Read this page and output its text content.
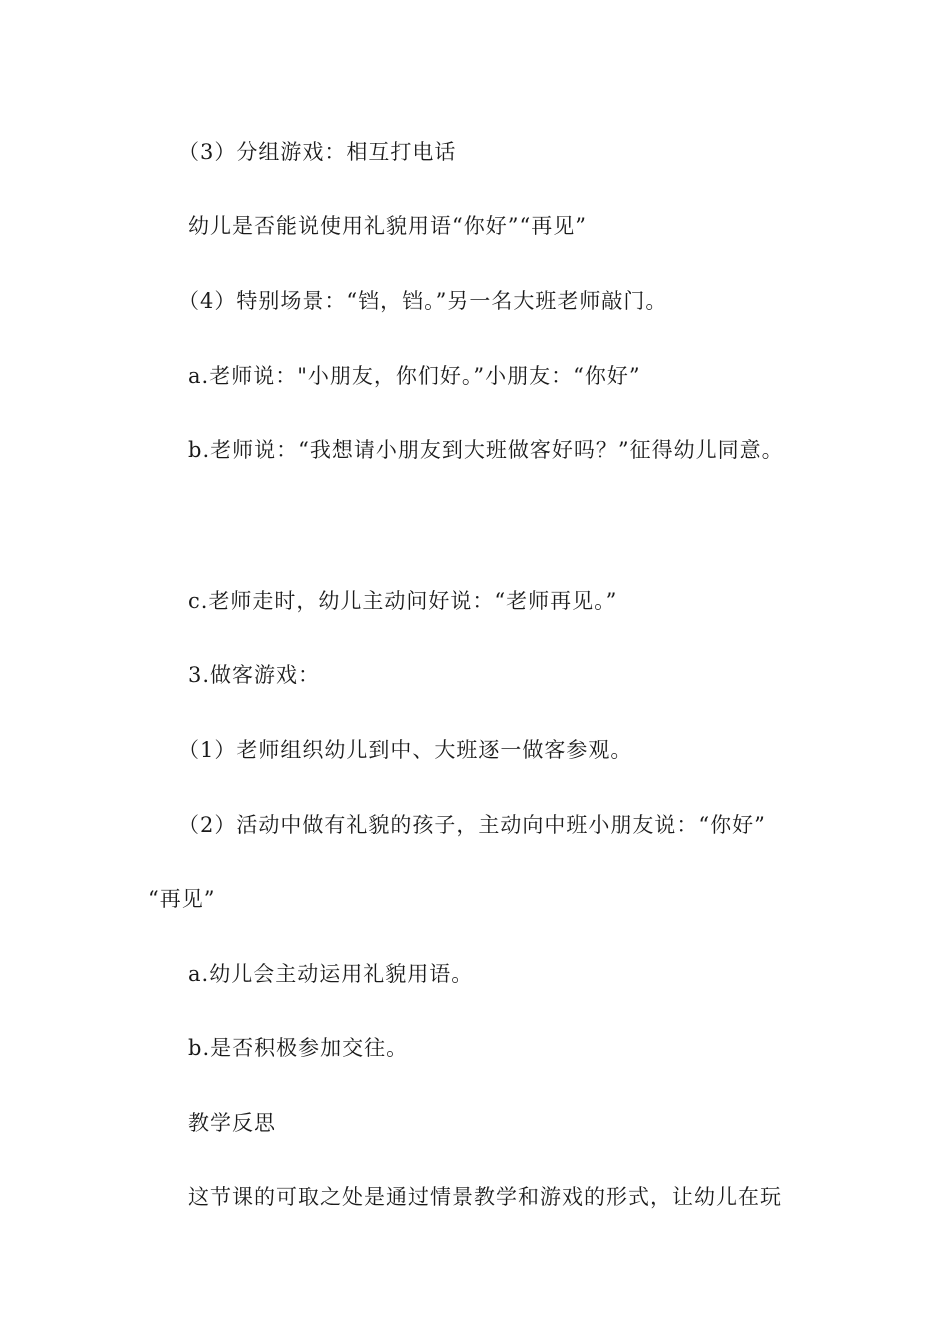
（3）分组游戏：相互打电话
幼儿是否能说使用礼貌用语“你好”“再见”
（4）特别场景：“铛，铛。”另一名大班老师敲门。
a.老师说："小朋友，你们好。”小朋友：“你好”
b.老师说：“我想请小朋友到大班做客好吗？”征得幼儿同意。
c.老师走时，幼儿主动问好说：“老师再见。”
3.做客游戏：
（1）老师组织幼儿到中、大班逐一做客参观。
（2）活动中做有礼貌的孩子，主动向中班小朋友说：“你好”
“再见”
a.幼儿会主动运用礼貌用语。
b.是否积极参加交往。
教学反思
这节课的可取之处是通过情景教学和游戏的形式，让幼儿在玩
